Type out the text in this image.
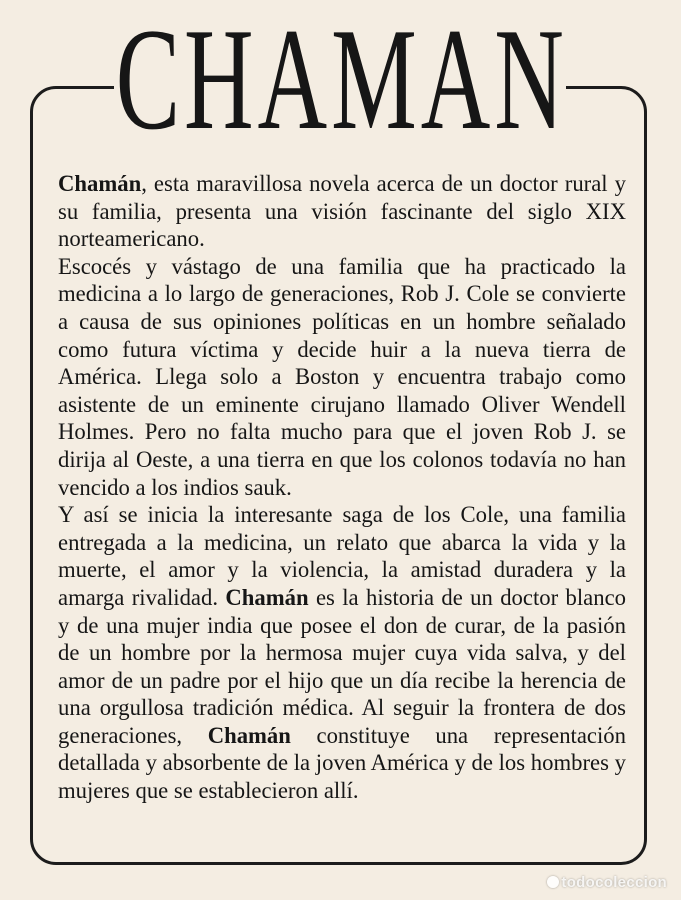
CHAMAN

Chamán, esta maravillosa novela acerca de un doctor rural y su familia, presenta una visión fascinante del siglo XIX norteamericano.

Escocés y vástago de una familia que ha practicado la medicina a lo largo de generaciones, Rob J. Cole se convierte a causa de sus opiniones políticas en un hombre señalado como futura víctima y decide huir a la nueva tierra de América. Llega solo a Boston y encuentra trabajo como asistente de un eminente cirujano llamado Oliver Wendell Holmes. Pero no falta mucho para que el joven Rob J. se dirija al Oeste, a una tierra en que los colonos todavía no han vencido a los indios sauk.

Y así se inicia la interesante saga de los Cole, una familia entregada a la medicina, un relato que abarca la vida y la muerte, el amor y la violencia, la amistad duradera y la amarga rivalidad. Chamán es la historia de un doctor blanco y de una mujer india que posee el don de curar, de la pasión de un hombre por la hermosa mujer cuya vida salva, y del amor de un padre por el hijo que un día recibe la herencia de una orgullosa tradición médica. Al seguir la frontera de dos generaciones, Chamán constituye una representación detallada y absorbente de la joven América y de los hombres y mujeres que se establecieron allí.

todocoleccion
